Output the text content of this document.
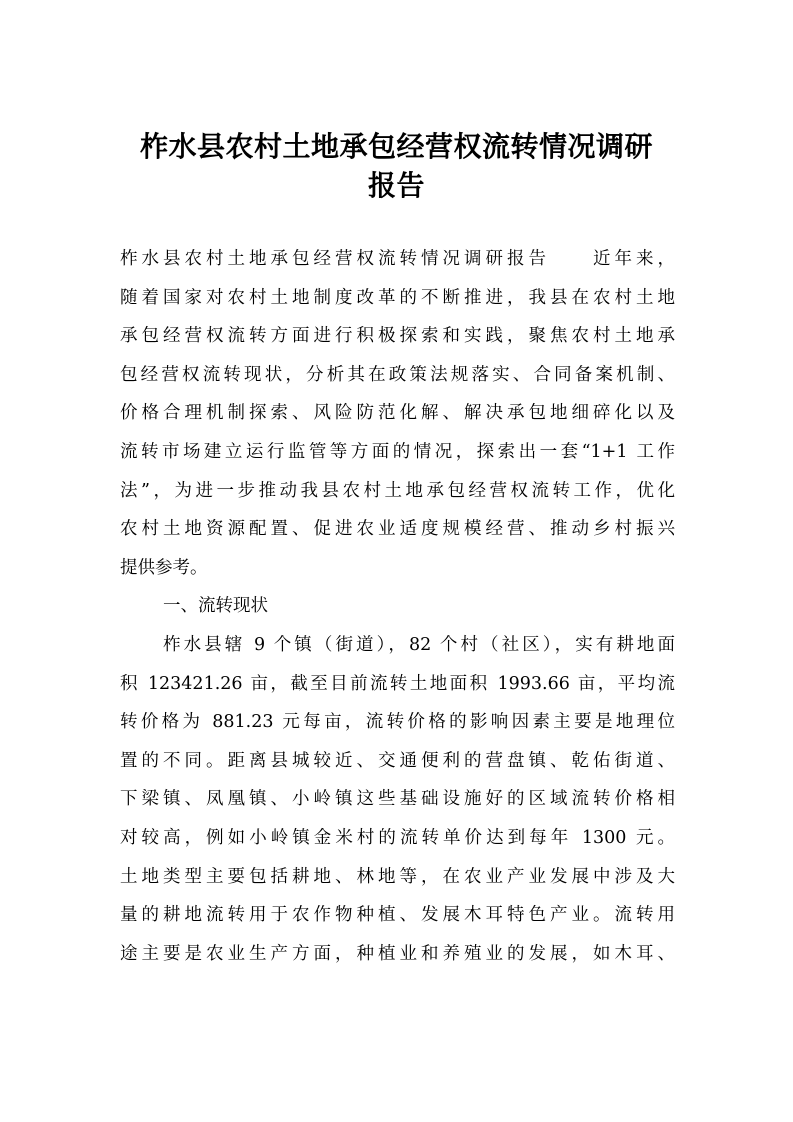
柞水县农村土地承包经营权流转情况调研
报告
柞水县农村土地承包经营权流转情况调研报告　　近年来，
随着国家对农村土地制度改革的不断推进，我县在农村土地
承包经营权流转方面进行积极探索和实践，聚焦农村土地承
包经营权流转现状，分析其在政策法规落实、合同备案机制、
价格合理机制探索、风险防范化解、解决承包地细碎化以及
流转市场建立运行监管等方面的情况，探索出一套“1+1 工作
法”，为进一步推动我县农村土地承包经营权流转工作，优化
农村土地资源配置、促进农业适度规模经营、推动乡村振兴
提供参考。
一、流转现状
柞水县辖 9 个镇（街道），82 个村（社区），实有耕地面
积 123421.26 亩，截至目前流转土地面积 1993.66 亩，平均流
转价格为 881.23 元每亩，流转价格的影响因素主要是地理位
置的不同。距离县城较近、交通便利的营盘镇、乾佑街道、
下梁镇、凤凰镇、小岭镇这些基础设施好的区域流转价格相
对较高，例如小岭镇金米村的流转单价达到每年 1300 元。
土地类型主要包括耕地、林地等，在农业产业发展中涉及大
量的耕地流转用于农作物种植、发展木耳特色产业。流转用
途主要是农业生产方面，种植业和养殖业的发展，如木耳、
